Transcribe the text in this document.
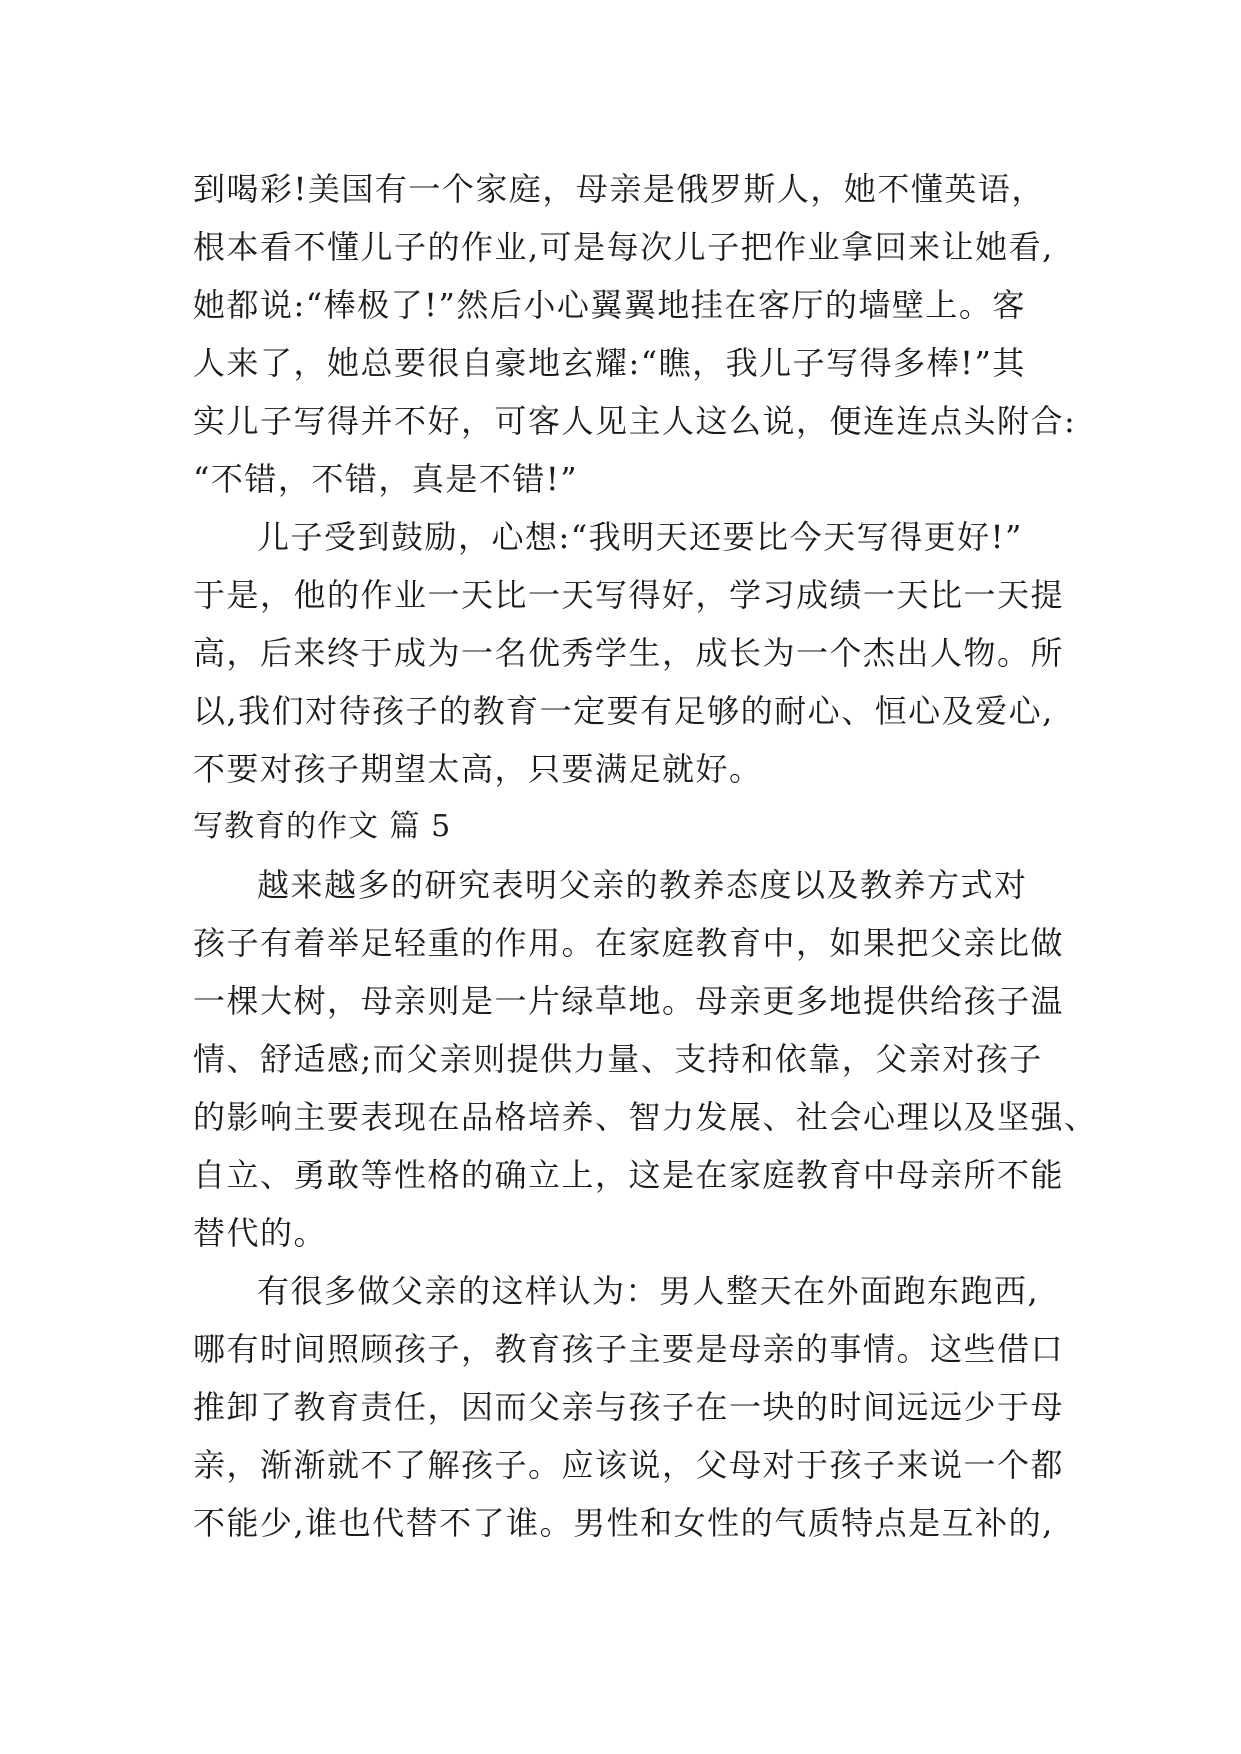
到喝彩!美国有一个家庭，母亲是俄罗斯人，她不懂英语，
根本看不懂儿子的作业,可是每次儿子把作业拿回来让她看,
她都说:“棒极了!”然后小心翼翼地挂在客厅的墙壁上。客
人来了，她总要很自豪地玄耀:“瞧，我儿子写得多棒!”其
实儿子写得并不好，可客人见主人这么说，便连连点头附合:
“不错，不错，真是不错!”
儿子受到鼓励，心想:“我明天还要比今天写得更好!”
于是，他的作业一天比一天写得好，学习成绩一天比一天提
高，后来终于成为一名优秀学生，成长为一个杰出人物。所
以,我们对待孩子的教育一定要有足够的耐心、恒心及爱心,
不要对孩子期望太高，只要满足就好。
写教育的作文 篇 5
越来越多的研究表明父亲的教养态度以及教养方式对
孩子有着举足轻重的作用。在家庭教育中，如果把父亲比做
一棵大树，母亲则是一片绿草地。母亲更多地提供给孩子温
情、舒适感;而父亲则提供力量、支持和依靠，父亲对孩子
的影响主要表现在品格培养、智力发展、社会心理以及坚强、
自立、勇敢等性格的确立上，这是在家庭教育中母亲所不能
替代的。
有很多做父亲的这样认为：男人整天在外面跑东跑西,
哪有时间照顾孩子，教育孩子主要是母亲的事情。这些借口
推卸了教育责任，因而父亲与孩子在一块的时间远远少于母
亲，渐渐就不了解孩子。应该说，父母对于孩子来说一个都
不能少,谁也代替不了谁。男性和女性的气质特点是互补的,
